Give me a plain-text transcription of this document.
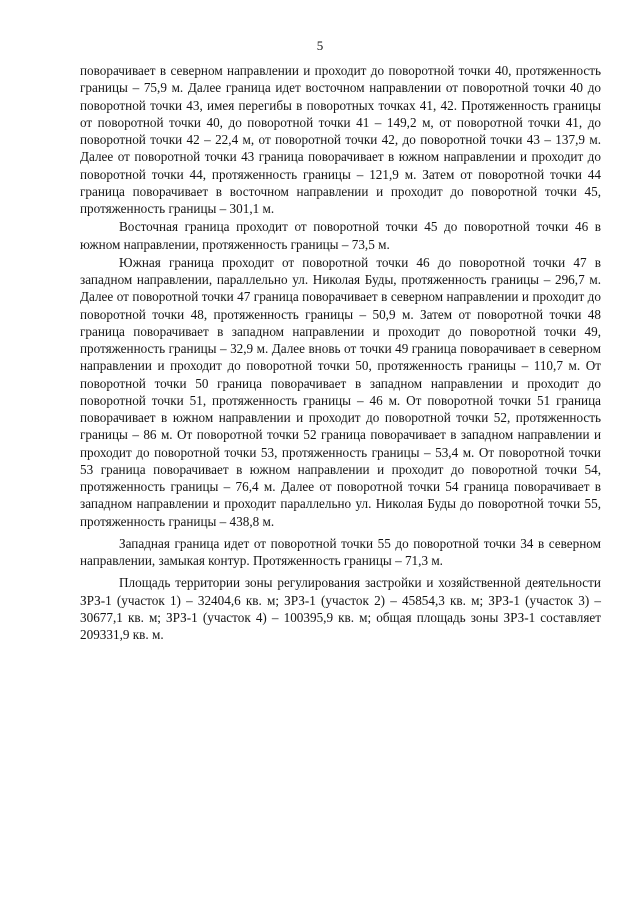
5

поворачивает в северном направлении и проходит до поворотной точки 40, протяженность границы – 75,9 м. Далее граница идет восточном направлении от поворотной точки 40 до поворотной точки 43, имея перегибы в поворотных точках 41, 42. Протяженность границы от поворотной точки 40, до поворотной точки 41 – 149,2 м, от поворотной точки 41, до поворотной точки 42 – 22,4 м, от поворотной точки 42, до поворотной точки 43 – 137,9 м. Далее от поворотной точки 43 граница поворачивает в южном направлении и проходит до поворотной точки 44, протяженность границы – 121,9 м. Затем от поворотной точки 44 граница поворачивает в восточном направлении и проходит до поворотной точки 45, протяженность границы – 301,1 м.

Восточная граница проходит от поворотной точки 45 до поворотной точки 46 в южном направлении, протяженность границы – 73,5 м.

Южная граница проходит от поворотной точки 46 до поворотной точки 47 в западном направлении, параллельно ул. Николая Буды, протяженность границы – 296,7 м. Далее от поворотной точки 47 граница поворачивает в северном направлении и проходит до поворотной точки 48, протяженность границы – 50,9 м. Затем от поворотной точки 48 граница поворачивает в западном направлении и проходит до поворотной точки 49, протяженность границы – 32,9 м. Далее вновь от точки 49 граница поворачивает в северном направлении и проходит до поворотной точки 50, протяженность границы – 110,7 м. От поворотной точки 50 граница поворачивает в западном направлении и проходит до поворотной точки 51, протяженность границы – 46 м. От поворотной точки 51 граница поворачивает в южном направлении и проходит до поворотной точки 52, протяженность границы – 86 м. От поворотной точки 52 граница поворачивает в западном направлении и проходит до поворотной точки 53, протяженность границы – 53,4 м. От поворотной точки 53 граница поворачивает в южном направлении и проходит до поворотной точки 54, протяженность границы – 76,4 м. Далее от поворотной точки 54 граница поворачивает в западном направлении и проходит параллельно ул. Николая Буды до поворотной точки 55, протяженность границы – 438,8 м.

Западная граница идет от поворотной точки 55 до поворотной точки 34 в северном направлении, замыкая контур. Протяженность границы – 71,3 м.

Площадь территории зоны регулирования застройки и хозяйственной деятельности ЗРЗ-1 (участок 1) – 32404,6 кв. м; ЗРЗ-1 (участок 2) – 45854,3 кв. м; ЗРЗ-1 (участок 3) – 30677,1 кв. м; ЗРЗ-1 (участок 4) – 100395,9 кв. м; общая площадь зоны ЗРЗ-1 составляет 209331,9 кв. м.
